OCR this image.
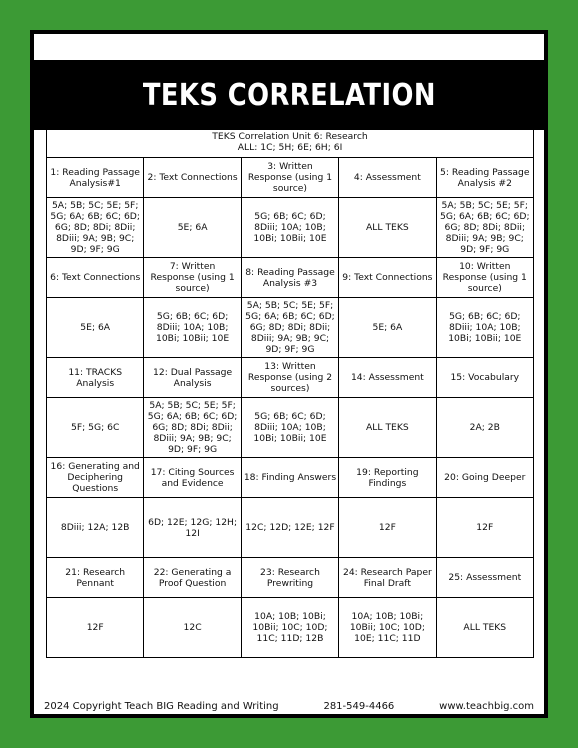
TEKS CORRELATION
TEKS Correlation Unit 6: Research
ALL: 1C; 5H; 6E; 6H; 6I				

1: Reading Passage Analysis#1	2: Text Connections	3: Written Response (using 1 source)	4: Assessment	5: Reading Passage Analysis #2
5A; 5B; 5C; 5E; 5F; 5G; 6A; 6B; 6C; 6D; 6G; 8D; 8Di; 8Dii; 8Diii; 9A; 9B; 9C; 9D; 9F; 9G	5E; 6A	5G; 6B; 6C; 6D; 8Diii; 10A; 10B; 10Bi; 10Bii; 10E	ALL TEKS	5A; 5B; 5C; 5E; 5F; 5G; 6A; 6B; 6C; 6D; 6G; 8D; 8Di; 8Dii; 8Diii; 9A; 9B; 9C; 9D; 9F; 9G
6: Text Connections	7: Written Response (using 1 source)	8: Reading Passage Analysis #3	9: Text Connections	10: Written Response (using 1 source)
5E; 6A	5G; 6B; 6C; 6D; 8Diii; 10A; 10B; 10Bi; 10Bii; 10E	5A; 5B; 5C; 5E; 5F; 5G; 6A; 6B; 6C; 6D; 6G; 8D; 8Di; 8Dii; 8Diii; 9A; 9B; 9C; 9D; 9F; 9G	5E; 6A	5G; 6B; 6C; 6D; 8Diii; 10A; 10B; 10Bi; 10Bii; 10E
11: TRACKS Analysis	12: Dual Passage Analysis	13: Written Response (using 2 sources)	14: Assessment	15: Vocabulary
5F; 5G; 6C	5A; 5B; 5C; 5E; 5F; 5G; 6A; 6B; 6C; 6D; 6G; 8D; 8Di; 8Dii; 8Diii; 9A; 9B; 9C; 9D; 9F; 9G	5G; 6B; 6C; 6D; 8Diii; 10A; 10B; 10Bi; 10Bii; 10E	ALL TEKS	2A; 2B
16: Generating and Deciphering Questions	17: Citing Sources and Evidence	18: Finding Answers	19: Reporting Findings	20: Going Deeper
8Diii; 12A; 12B	6D; 12E; 12G; 12H; 12I	12C; 12D; 12E; 12F	12F	12F
21: Research Pennant	22: Generating a Proof Question	23: Research Prewriting	24: Research Paper Final Draft	25: Assessment
12F	12C	10A; 10B; 10Bi; 10Bii; 10C; 10D; 11C; 11D; 12B	10A; 10B; 10Bi; 10Bii; 10C; 10D; 10E; 11C; 11D	ALL TEKS
2024 Copyright Teach BIG Reading and Writing	281-549-4466	www.teachbig.com
